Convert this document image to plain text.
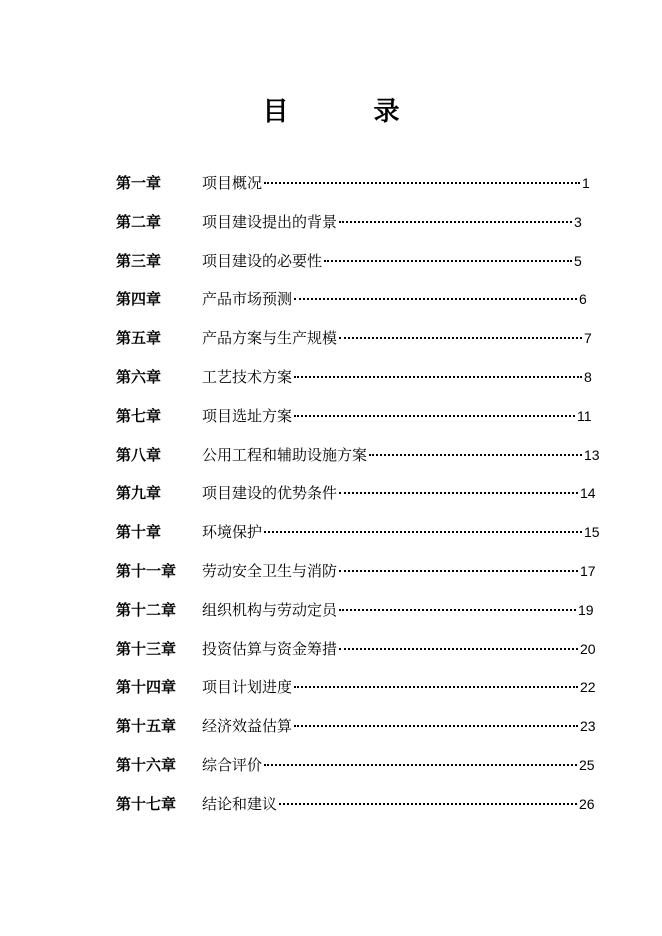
目 录
第一章	项目概况	1
第二章	项目建设提出的背景	3
第三章	项目建设的必要性	5
第四章	产品市场预测	6
第五章	产品方案与生产规模	7
第六章	工艺技术方案	8
第七章	项目选址方案	11
第八章	公用工程和辅助设施方案	13
第九章	项目建设的优势条件	14
第十章	环境保护	15
第十一章 劳动安全卫生与消防	17
第十二章 组织机构与劳动定员	19
第十三章 投资估算与资金筹措	20
第十四章 项目计划进度	22
第十五章 经济效益估算	23
第十六章 综合评价	25
第十七章 结论和建议	26
